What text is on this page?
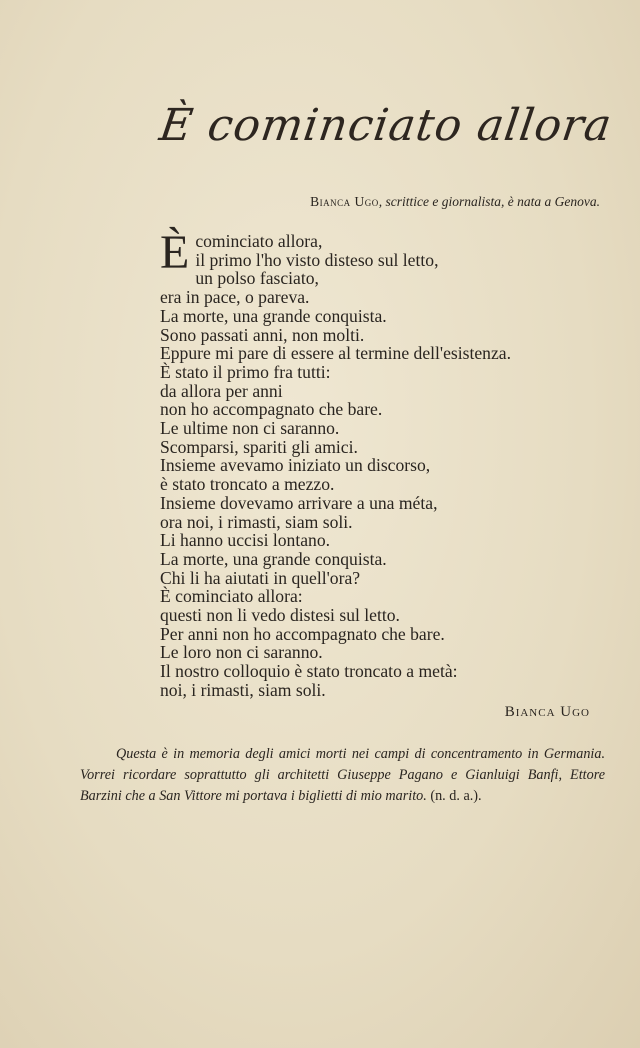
È cominciato allora
Bianca Ugo, scrittice e giornalista, è nata a Genova.
È cominciato allora,
il primo l'ho visto disteso sul letto,
un polso fasciato,
era in pace, o pareva.
La morte, una grande conquista.
Sono passati anni, non molti.
Eppure mi pare di essere al termine dell'esistenza.
È stato il primo fra tutti:
da allora per anni
non ho accompagnato che bare.
Le ultime non ci saranno.
Scomparsi, spariti gli amici.
Insieme avevamo iniziato un discorso,
è stato troncato a mezzo.
Insieme dovevamo arrivare a una méta,
ora noi, i rimasti, siam soli.
Li hanno uccisi lontano.
La morte, una grande conquista.
Chi li ha aiutati in quell'ora?
È cominciato allora:
questi non li vedo distesi sul letto.
Per anni non ho accompagnato che bare.
Le loro non ci saranno.
Il nostro colloquio è stato troncato a metà:
noi, i rimasti, siam soli.
Bianca Ugo
Questa è in memoria degli amici morti nei campi di concentramento in Germania. Vorrei ricordare soprattutto gli architetti Giuseppe Pagano e Gianluigi Banfi, Ettore Barzini che a San Vittore mi portava i biglietti di mio marito. (n. d. a.).
